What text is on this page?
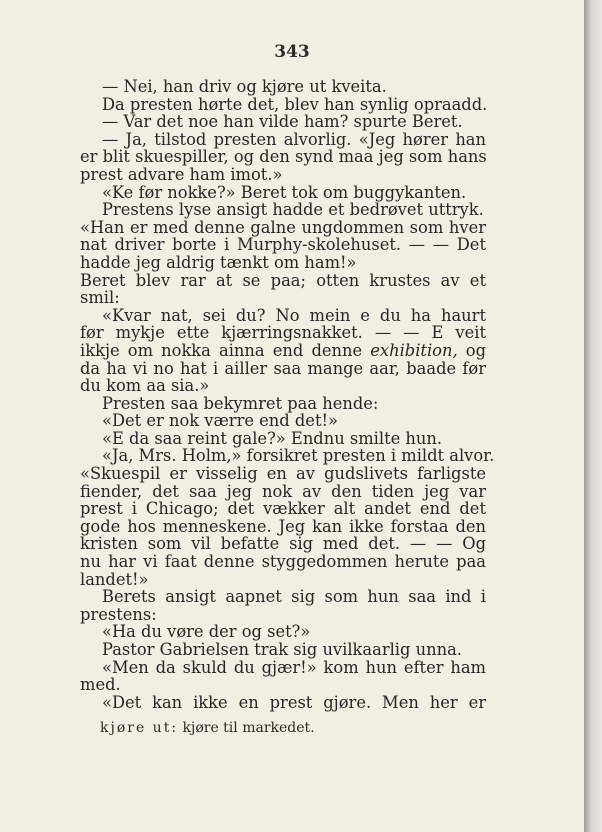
343
— Nei, han driv og kjøre ut kveita.
Da presten hørte det, blev han synlig opraadd.
— Var det noe han vilde ham? spurte Beret.
— Ja, tilstod presten alvorlig. «Jeg hører han
er blit skuespiller, og den synd maa jeg som hans
prest advare ham imot.»
«Ke før nokke?» Beret tok om buggykanten.
Prestens lyse ansigt hadde et bedrøvet uttryk.
«Han er med denne galne ungdommen som hver
nat driver borte i Murphy-skolehuset. — — Det
hadde jeg aldrig tænkt om ham!»
Beret blev rar at se paa; otten krustes av et
smil:
«Kvar nat, sei du? No mein e du ha haurt
før mykje ette kjærringsnakket. — — E veit
ikkje om nokka ainna end denne exhibition, og
da ha vi no hat i ailler saa mange aar, baade før
du kom aa sia.»
Presten saa bekymret paa hende:
«Det er nok værre end det!»
«E da saa reint gale?» Endnu smilte hun.
«Ja, Mrs. Holm,» forsikret presten i mildt alvor.
«Skuespil er visselig en av gudslivets farligste
fiender, det saa jeg nok av den tiden jeg var
prest i Chicago; det vækker alt andet end det
gode hos menneskene. Jeg kan ikke forstaa den
kristen som vil befatte sig med det. — — Og
nu har vi faat denne styggedommen herute paa
landet!»
Berets ansigt aapnet sig som hun saa ind i
prestens:
«Ha du vøre der og set?»
Pastor Gabrielsen trak sig uvilkaarlig unna.
«Men da skuld du gjær!» kom hun efter ham
med.
«Det kan ikke en prest gjøre. Men her er
kjøre ut: kjøre til markedet.
